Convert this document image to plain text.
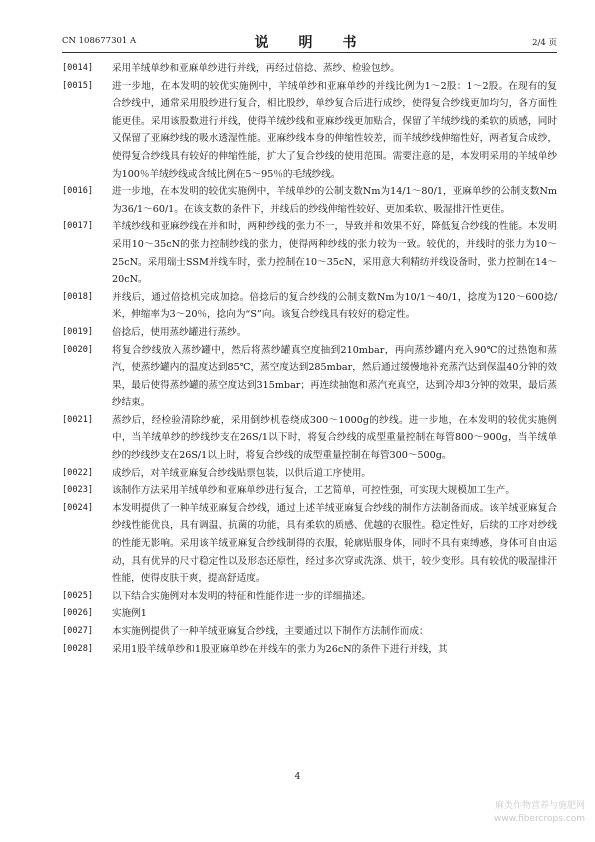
CN 108677301 A	说　明　书	2/4 页
[0014]	采用羊绒单纱和亚麻单纱进行并线，再经过倍捻、蒸纱、检验包纱。
[0015]	进一步地，在本发明的较优实施例中，羊绒单纱和亚麻单纱的并线比例为1～2股：1～2股。在现有的复合纱线中，通常采用股纱进行复合，相比股纱，单纱复合后进行成纱，使得复合纱线更加均匀，各方面性能更佳。采用该股数进行并线，使得羊绒纱线和亚麻纱线更加贴合，保留了羊绒纱线的柔软的质感，同时又保留了亚麻纱线的吸水透湿性能。亚麻纱线本身的伸缩性较差，而羊绒纱线伸缩性好，两者复合成纱，使得复合纱线具有较好的伸缩性能，扩大了复合纱线的使用范围。需要注意的是，本发明采用的羊绒单纱为100％羊绒纱线或含绒比例在5～95％的毛绒纱线。
[0016]	进一步地，在本发明的较优实施例中，羊绒单纱的公制支数Nm为14/1～80/1，亚麻单纱的公制支数Nm为36/1～60/1。在该支数的条件下，并线后的纱线伸缩性较好、更加柔软、吸湿排汗性更佳。
[0017]	羊绒纱线和亚麻纱线在并和时，两种纱线的张力不一，导致并和效果不好，降低复合纱线的性能。本发明采用10～35cN的张力控制纱线的张力，使得两种纱线的张力较为一致。较优的，并线时的张力为10～25cN。采用瑞士SSM并线车时，张力控制在10～35cN，采用意大利精纺并线设备时，张力控制在14～20cN。
[0018]	并线后，通过倍捻机完成加捻。倍捻后的复合纱线的公制支数Nm为10/1～40/1，捻度为120～600捻/米，伸缩率为3～20％，捻向为“S”向。该复合纱线具有较好的稳定性。
[0019]	倍捻后，使用蒸纱罐进行蒸纱。
[0020]	将复合纱线放入蒸纱罐中，然后将蒸纱罐真空度抽到210mbar，再向蒸纱罐内充入90℃的过热饱和蒸汽，使蒸纱罐内的温度达到85℃，蒸空度达到285mbar，然后通过缓慢地补充蒸汽达到保温40分钟的效果，最后使得蒸纱罐的蒸空度达到315mbar；再连续抽饱和蒸汽充真空，达到冷却3分钟的效果，最后蒸纱结束。
[0021]	蒸纱后，经检验清除纱疵，采用倒纱机卷绕成300～1000g的纱线。进一步地，在本发明的较优实施例中，当羊绒单纱的纱线纱支在26S/1以下时，将复合纱线的成型重量控制在每管800～900g，当羊绒单纱的纱线纱支在26S/1以上时，将复合纱线的成型重量控制在每管300～500g。
[0022]	成纱后，对羊绒亚麻复合纱线贴票包装，以供后道工序使用。
[0023]	该制作方法采用羊绒单纱和亚麻单纱进行复合，工艺简单，可控性强，可实现大规模加工生产。
[0024]	本发明提供了一种羊绒亚麻复合纱线，通过上述羊绒亚麻复合纱线的制作方法制备而成。该羊绒亚麻复合纱线性能优良，具有调温、抗菌的功能，具有柔软的质感、优越的衣服性。稳定性好，后续的工序对纱线的性能无影响。采用该羊绒亚麻复合纱线制得的衣服，轮廓贴服身体，同时不具有束缚感，身体可自由运动，具有优异的尺寸稳定性以及形态还原性，经过多次穿或洗涤、烘干，较少变形。具有较优的吸湿排汗性能，使得皮肤干爽，提高舒适度。
[0025]	以下结合实施例对本发明的特征和性能作进一步的详细描述。
[0026]	实施例1
[0027]	本实施例提供了一种羊绒亚麻复合纱线，主要通过以下制作方法制作而成：
[0028]	采用1股羊绒单纱和1股亚麻单纱在并线车的张力为26cN的条件下进行并线，其
4
麻类作物营养与施肥网
www.fibercrops.com
